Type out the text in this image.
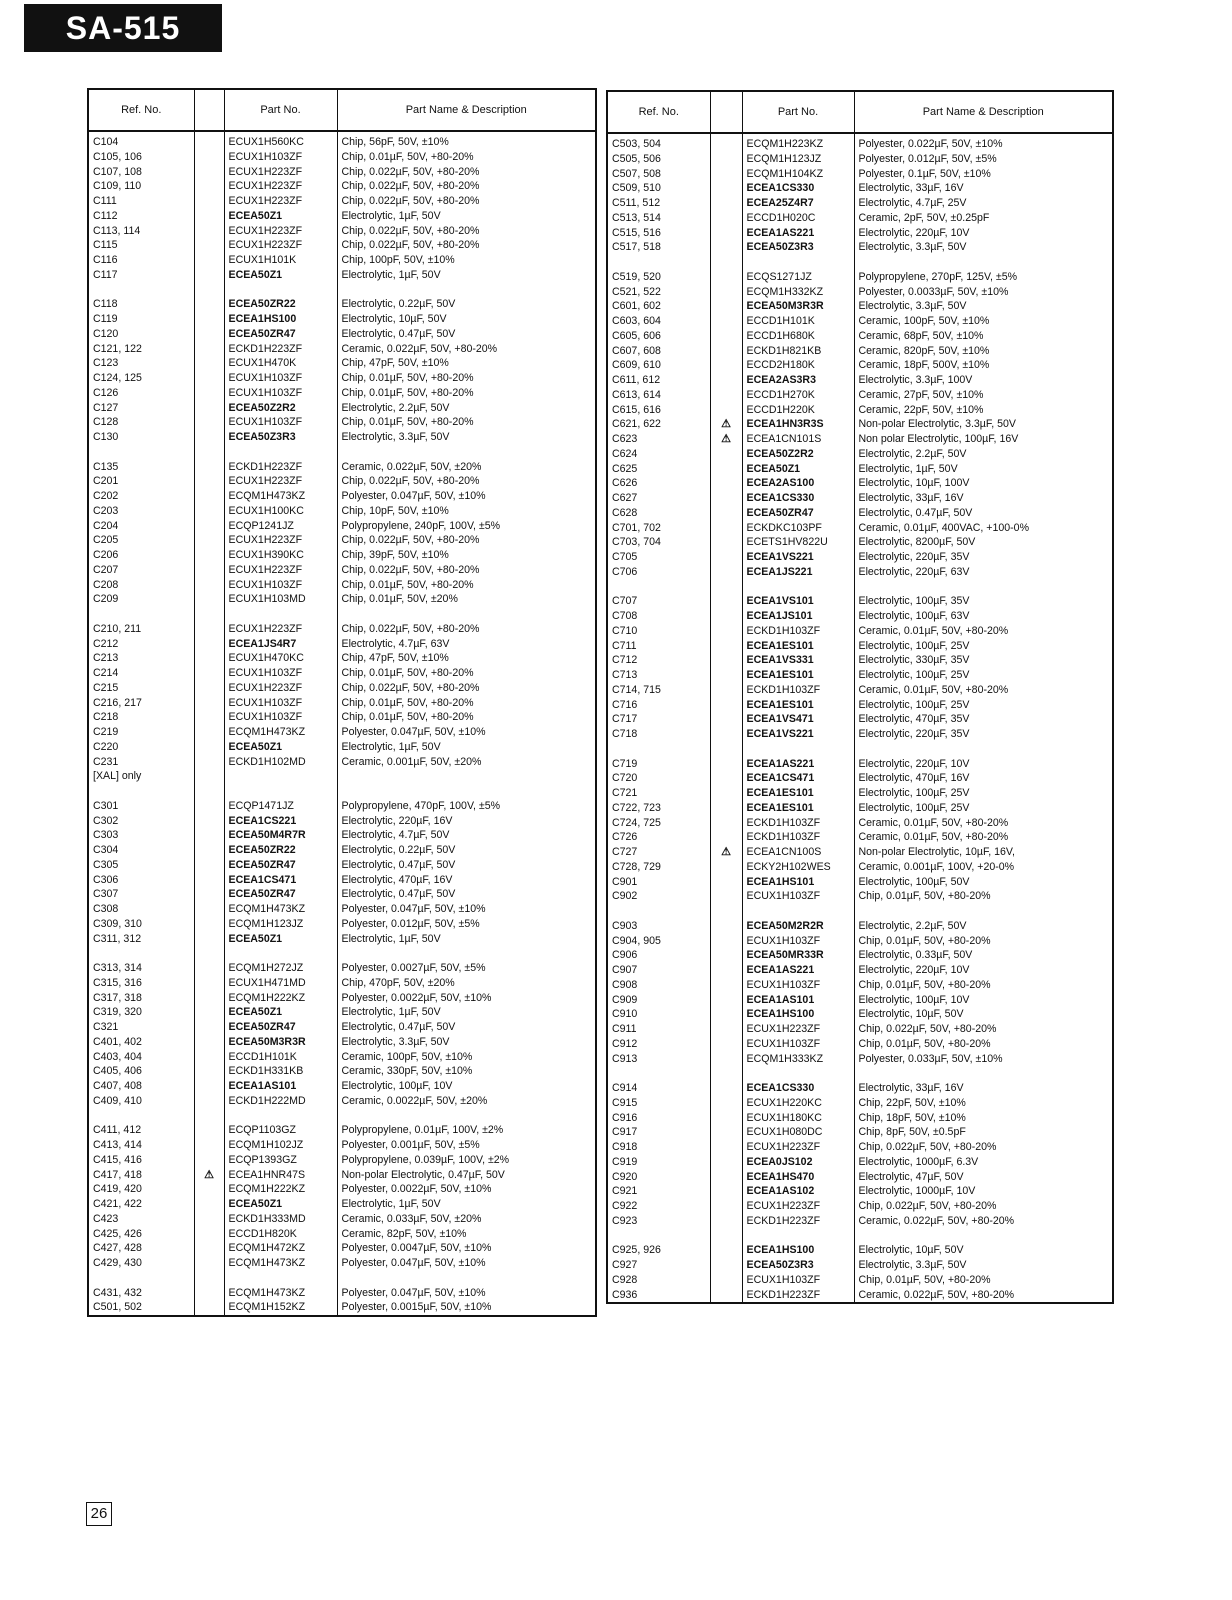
SA-515
Ref. No.		Part No.	Part Name & Description
C104		ECUX1H560KC	Chip, 56pF, 50V, ±10%
C105, 106		ECUX1H103ZF	Chip, 0.01µF, 50V, +80-20%
C107, 108		ECUX1H223ZF	Chip, 0.022µF, 50V, +80-20%
C109, 110		ECUX1H223ZF	Chip, 0.022µF, 50V, +80-20%
C111		ECUX1H223ZF	Chip, 0.022µF, 50V, +80-20%
C112		ECEA50Z1	Electrolytic, 1µF, 50V
C113, 114		ECUX1H223ZF	Chip, 0.022µF, 50V, +80-20%
C115		ECUX1H223ZF	Chip, 0.022µF, 50V, +80-20%
C116		ECUX1H101K	Chip, 100pF, 50V, ±10%
C117		ECEA50Z1	Electrolytic, 1µF, 50V

C118		ECEA50ZR22	Electrolytic, 0.22µF, 50V
C119		ECEA1HS100	Electrolytic, 10µF, 50V
C120		ECEA50ZR47	Electrolytic, 0.47µF, 50V
C121, 122		ECKD1H223ZF	Ceramic, 0.022µF, 50V, +80-20%
C123		ECUX1H470K	Chip, 47pF, 50V, ±10%
C124, 125		ECUX1H103ZF	Chip, 0.01µF, 50V, +80-20%
C126		ECUX1H103ZF	Chip, 0.01µF, 50V, +80-20%
C127		ECEA50Z2R2	Electrolytic, 2.2µF, 50V
C128		ECUX1H103ZF	Chip, 0.01µF, 50V, +80-20%
C130		ECEA50Z3R3	Electrolytic, 3.3µF, 50V

C135		ECKD1H223ZF	Ceramic, 0.022µF, 50V, ±20%
C201		ECUX1H223ZF	Chip, 0.022µF, 50V, +80-20%
C202		ECQM1H473KZ	Polyester, 0.047µF, 50V, ±10%
C203		ECUX1H100KC	Chip, 10pF, 50V, ±10%
C204		ECQP1241JZ	Polypropylene, 240pF, 100V, ±5%
C205		ECUX1H223ZF	Chip, 0.022µF, 50V, +80-20%
C206		ECUX1H390KC	Chip, 39pF, 50V, ±10%
C207		ECUX1H223ZF	Chip, 0.022µF, 50V, +80-20%
C208		ECUX1H103ZF	Chip, 0.01µF, 50V, +80-20%
C209		ECUX1H103MD	Chip, 0.01µF, 50V, ±20%

C210, 211		ECUX1H223ZF	Chip, 0.022µF, 50V, +80-20%
C212		ECEA1JS4R7	Electrolytic, 4.7µF, 63V
C213		ECUX1H470KC	Chip, 47pF, 50V, ±10%
C214		ECUX1H103ZF	Chip, 0.01µF, 50V, +80-20%
C215		ECUX1H223ZF	Chip, 0.022µF, 50V, +80-20%
C216, 217		ECUX1H103ZF	Chip, 0.01µF, 50V, +80-20%
C218		ECUX1H103ZF	Chip, 0.01µF, 50V, +80-20%
C219		ECQM1H473KZ	Polyester, 0.047µF, 50V, ±10%
C220		ECEA50Z1	Electrolytic, 1µF, 50V
C231		ECKD1H102MD	Ceramic, 0.001µF, 50V, ±20%
[XAL] only			

C301		ECQP1471JZ	Polypropylene, 470pF, 100V, ±5%
C302		ECEA1CS221	Electrolytic, 220µF, 16V
C303		ECEA50M4R7R	Electrolytic, 4.7µF, 50V
C304		ECEA50ZR22	Electrolytic, 0.22µF, 50V
C305		ECEA50ZR47	Electrolytic, 0.47µF, 50V
C306		ECEA1CS471	Electrolytic, 470µF, 16V
C307		ECEA50ZR47	Electrolytic, 0.47µF, 50V
C308		ECQM1H473KZ	Polyester, 0.047µF, 50V, ±10%
C309, 310		ECQM1H123JZ	Polyester, 0.012µF, 50V, ±5%
C311, 312		ECEA50Z1	Electrolytic, 1µF, 50V

C313, 314		ECQM1H272JZ	Polyester, 0.0027µF, 50V, ±5%
C315, 316		ECUX1H471MD	Chip, 470pF, 50V, ±20%
C317, 318		ECQM1H222KZ	Polyester, 0.0022µF, 50V, ±10%
C319, 320		ECEA50Z1	Electrolytic, 1µF, 50V
C321		ECEA50ZR47	Electrolytic, 0.47µF, 50V
C401, 402		ECEA50M3R3R	Electrolytic, 3.3µF, 50V
C403, 404		ECCD1H101K	Ceramic, 100pF, 50V, ±10%
C405, 406		ECKD1H331KB	Ceramic, 330pF, 50V, ±10%
C407, 408		ECEA1AS101	Electrolytic, 100µF, 10V
C409, 410		ECKD1H222MD	Ceramic, 0.0022µF, 50V, ±20%

C411, 412		ECQP1103GZ	Polypropylene, 0.01µF, 100V, ±2%
C413, 414		ECQM1H102JZ	Polyester, 0.001µF, 50V, ±5%
C415, 416		ECQP1393GZ	Polypropylene, 0.039µF, 100V, ±2%
C417, 418	⚠	ECEA1HNR47S	Non-polar Electrolytic, 0.47µF, 50V
C419, 420		ECQM1H222KZ	Polyester, 0.0022µF, 50V, ±10%
C421, 422		ECEA50Z1	Electrolytic, 1µF, 50V
C423		ECKD1H333MD	Ceramic, 0.033µF, 50V, ±20%
C425, 426		ECCD1H820K	Ceramic, 82pF, 50V, ±10%
C427, 428		ECQM1H472KZ	Polyester, 0.0047µF, 50V, ±10%
C429, 430		ECQM1H473KZ	Polyester, 0.047µF, 50V, ±10%

C431, 432		ECQM1H473KZ	Polyester, 0.047µF, 50V, ±10%
C501, 502		ECQM1H152KZ	Polyester, 0.0015µF, 50V, ±10%
Ref. No.		Part No.	Part Name & Description
C503, 504		ECQM1H223KZ	Polyester, 0.022µF, 50V, ±10%
C505, 506		ECQM1H123JZ	Polyester, 0.012µF, 50V, ±5%
C507, 508		ECQM1H104KZ	Polyester, 0.1µF, 50V, ±10%
C509, 510		ECEA1CS330	Electrolytic, 33µF, 16V
C511, 512		ECEA25Z4R7	Electrolytic, 4.7µF, 25V
C513, 514		ECCD1H020C	Ceramic, 2pF, 50V, ±0.25pF
C515, 516		ECEA1AS221	Electrolytic, 220µF, 10V
C517, 518		ECEA50Z3R3	Electrolytic, 3.3µF, 50V

C519, 520		ECQS1271JZ	Polypropylene, 270pF, 125V, ±5%
C521, 522		ECQM1H332KZ	Polyester, 0.0033µF, 50V, ±10%
C601, 602		ECEA50M3R3R	Electrolytic, 3.3µF, 50V
C603, 604		ECCD1H101K	Ceramic, 100pF, 50V, ±10%
C605, 606		ECCD1H680K	Ceramic, 68pF, 50V, ±10%
C607, 608		ECKD1H821KB	Ceramic, 820pF, 50V, ±10%
C609, 610		ECCD2H180K	Ceramic, 18pF, 500V, ±10%
C611, 612		ECEA2AS3R3	Electrolytic, 3.3µF, 100V
C613, 614		ECCD1H270K	Ceramic, 27pF, 50V, ±10%
C615, 616		ECCD1H220K	Ceramic, 22pF, 50V, ±10%
C621, 622	⚠	ECEA1HN3R3S	Non-polar Electrolytic, 3.3µF, 50V
C623	⚠	ECEA1CN101S	Non polar Electrolytic, 100µF, 16V
C624		ECEA50Z2R2	Electrolytic, 2.2µF, 50V
C625		ECEA50Z1	Electrolytic, 1µF, 50V
C626		ECEA2AS100	Electrolytic, 10µF, 100V
C627		ECEA1CS330	Electrolytic, 33µF, 16V
C628		ECEA50ZR47	Electrolytic, 0.47µF, 50V
C701, 702		ECKDKC103PF	Ceramic, 0.01µF, 400VAC, +100-0%
C703, 704		ECETS1HV822U	Electrolytic, 8200µF, 50V
C705		ECEA1VS221	Electrolytic, 220µF, 35V
C706		ECEA1JS221	Electrolytic, 220µF, 63V

C707		ECEA1VS101	Electrolytic, 100µF, 35V
C708		ECEA1JS101	Electrolytic, 100µF, 63V
C710		ECKD1H103ZF	Ceramic, 0.01µF, 50V, +80-20%
C711		ECEA1ES101	Electrolytic, 100µF, 25V
C712		ECEA1VS331	Electrolytic, 330µF, 35V
C713		ECEA1ES101	Electrolytic, 100µF, 25V
C714, 715		ECKD1H103ZF	Ceramic, 0.01µF, 50V, +80-20%
C716		ECEA1ES101	Electrolytic, 100µF, 25V
C717		ECEA1VS471	Electrolytic, 470µF, 35V
C718		ECEA1VS221	Electrolytic, 220µF, 35V

C719		ECEA1AS221	Electrolytic, 220µF, 10V
C720		ECEA1CS471	Electrolytic, 470µF, 16V
C721		ECEA1ES101	Electrolytic, 100µF, 25V
C722, 723		ECEA1ES101	Electrolytic, 100µF, 25V
C724, 725		ECKD1H103ZF	Ceramic, 0.01µF, 50V, +80-20%
C726		ECKD1H103ZF	Ceramic, 0.01µF, 50V, +80-20%
C727	⚠	ECEA1CN100S	Non-polar Electrolytic, 10µF, 16V,
C728, 729		ECKY2H102WES	Ceramic, 0.001µF, 100V, +20-0%
C901		ECEA1HS101	Electrolytic, 100µF, 50V
C902		ECUX1H103ZF	Chip, 0.01µF, 50V, +80-20%

C903		ECEA50M2R2R	Electrolytic, 2.2µF, 50V
C904, 905		ECUX1H103ZF	Chip, 0.01µF, 50V, +80-20%
C906		ECEA50MR33R	Electrolytic, 0.33µF, 50V
C907		ECEA1AS221	Electrolytic, 220µF, 10V
C908		ECUX1H103ZF	Chip, 0.01µF, 50V, +80-20%
C909		ECEA1AS101	Electrolytic, 100µF, 10V
C910		ECEA1HS100	Electrolytic, 10µF, 50V
C911		ECUX1H223ZF	Chip, 0.022µF, 50V, +80-20%
C912		ECUX1H103ZF	Chip, 0.01µF, 50V, +80-20%
C913		ECQM1H333KZ	Polyester, 0.033µF, 50V, ±10%

C914		ECEA1CS330	Electrolytic, 33µF, 16V
C915		ECUX1H220KC	Chip, 22pF, 50V, ±10%
C916		ECUX1H180KC	Chip, 18pF, 50V, ±10%
C917		ECUX1H080DC	Chip, 8pF, 50V, ±0.5pF
C918		ECUX1H223ZF	Chip, 0.022µF, 50V, +80-20%
C919		ECEA0JS102	Electrolytic, 1000µF, 6.3V
C920		ECEA1HS470	Electrolytic, 47µF, 50V
C921		ECEA1AS102	Electrolytic, 1000µF, 10V
C922		ECUX1H223ZF	Chip, 0.022µF, 50V, +80-20%
C923		ECKD1H223ZF	Ceramic, 0.022µF, 50V, +80-20%

C925, 926		ECEA1HS100	Electrolytic, 10µF, 50V
C927		ECEA50Z3R3	Electrolytic, 3.3µF, 50V
C928		ECUX1H103ZF	Chip, 0.01µF, 50V, +80-20%
C936		ECKD1H223ZF	Ceramic, 0.022µF, 50V, +80-20%
26
